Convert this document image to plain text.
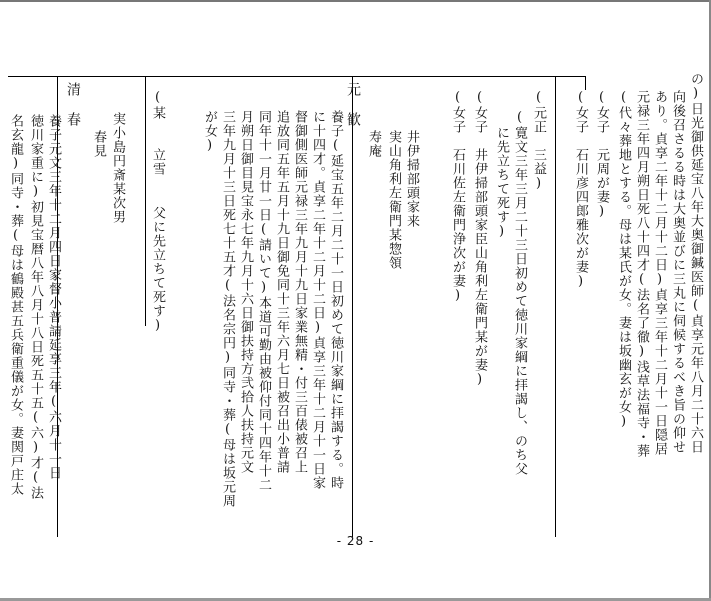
の)日光御供延宝八年大奥御鍼医師(貞享元年八月二十六日
向後召さるる時は大奥並びに三丸に伺候するべき旨の仰せ
あり。貞享二年十二月十二日)貞享三年十二月十一日隠居
元禄三年四月朔日死八十四才(法名了徹)浅草法福寺・葬
(代々葬地とする。母は某氏が女。妻は坂幽玄が女)
(女子
元周が妻)
(女子
石川彦四郎雅次が妻)
(元正
三益)
(寛文三年三月二十三日初めて徳川家綱に拝謁し、のち父
に先立ちて死す)
(女子
井伊掃部頭家臣山角利左衛門某が妻)
(女子
石川佐左衛門浄次が妻)
元
歓
井伊掃部頭家来
実山角利左衛門某惣領
寿庵
養子(延宝五年二月二十一日初めて徳川家綱に拝謁する。時
に十四才。貞享二年十二月十二日)貞享三年十二月十一日家
督御側医師元禄三年九月十九日家業無精・付三百俵被召上
追放同五年五月十九日御免同十三年六月七日被召出小普請
同年十一月廿一日(請いて)本道可勤由被仰付同十四年十二
月朔日御目見宝永七年九月十六日御扶持方弐拾人扶持元文
三年九月十三日死七十五才(法名宗円)同寺・葬(母は坂元周
が女)
(某
立雪
父に先立ちて死す)
実小島円斎某次男
春見
清
春
養子元文三年十二月四日家督小普請延享三年(六月十一日
徳川家重に)初見宝暦八年八月十八日死五十五(六)才(法
名玄龍)同寺・葬(母は鶴殿甚五兵衛重儀が女。妻関戸庄太
- 28 -
